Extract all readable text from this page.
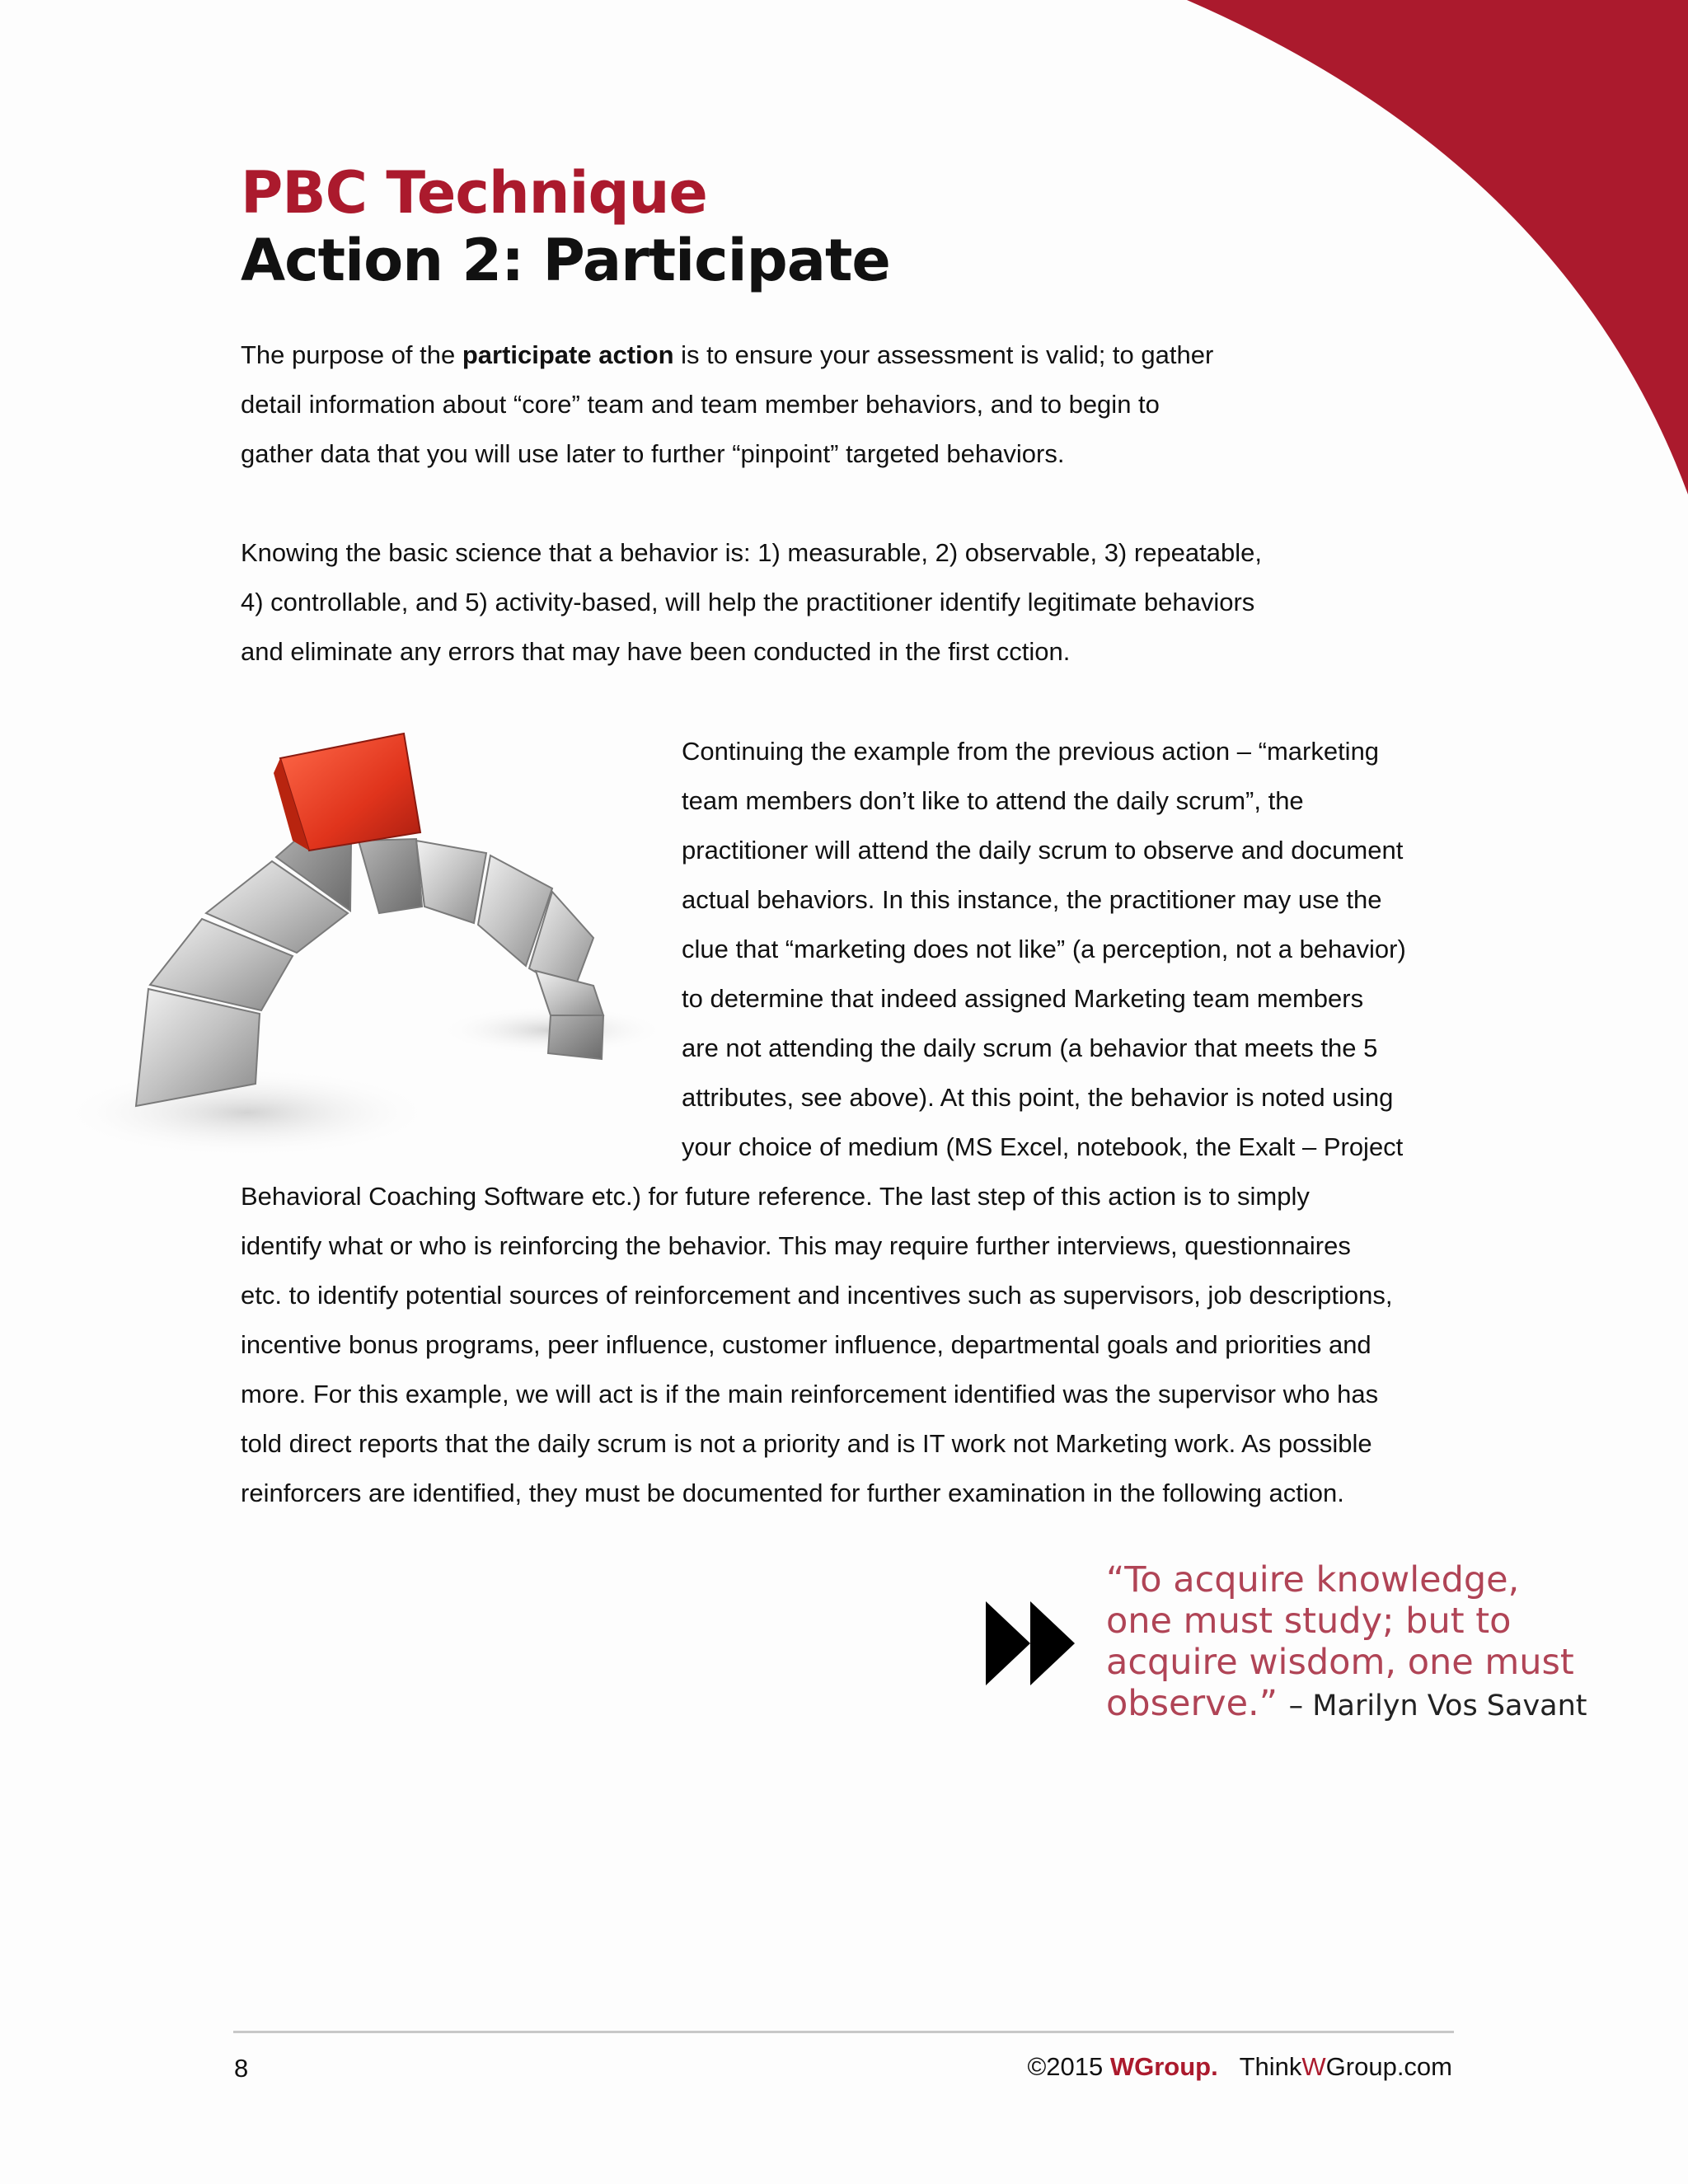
PBC Technique
Action 2: Participate
The purpose of the participate action is to ensure your assessment is valid; to gather
detail information about “core” team and team member behaviors, and to begin to
gather data that you will use later to further “pinpoint” targeted behaviors.
Knowing the basic science that a behavior is: 1) measurable, 2) observable, 3) repeatable,
4) controllable, and 5) activity-based, will help the practitioner identify legitimate behaviors
and eliminate any errors that may have been conducted in the first cction.
Continuing the example from the previous action – “marketing
team members don’t like to attend the daily scrum”, the
practitioner will attend the daily scrum to observe and document
actual behaviors. In this instance, the practitioner may use the
clue that “marketing does not like” (a perception, not a behavior)
to determine that indeed assigned Marketing team members
are not attending the daily scrum (a behavior that meets the 5
attributes, see above). At this point, the behavior is noted using
your choice of medium (MS Excel, notebook, the Exalt – Project
Behavioral Coaching Software etc.) for future reference. The last step of this action is to simply
identify what or who is reinforcing the behavior. This may require further interviews, questionnaires
etc. to identify potential sources of reinforcement and incentives such as supervisors, job descriptions,
incentive bonus programs, peer influence, customer influence, departmental goals and priorities and
more. For this example, we will act is if the main reinforcement identified was the supervisor who has
told direct reports that the daily scrum is not a priority and is IT work not Marketing work. As possible
reinforcers are identified, they must be documented for further examination in the following action.
“To acquire knowledge,
one must study; but to
acquire wisdom, one must
observe.” – Marilyn Vos Savant
8	©2015 WGroup. ThinkWGroup.com
